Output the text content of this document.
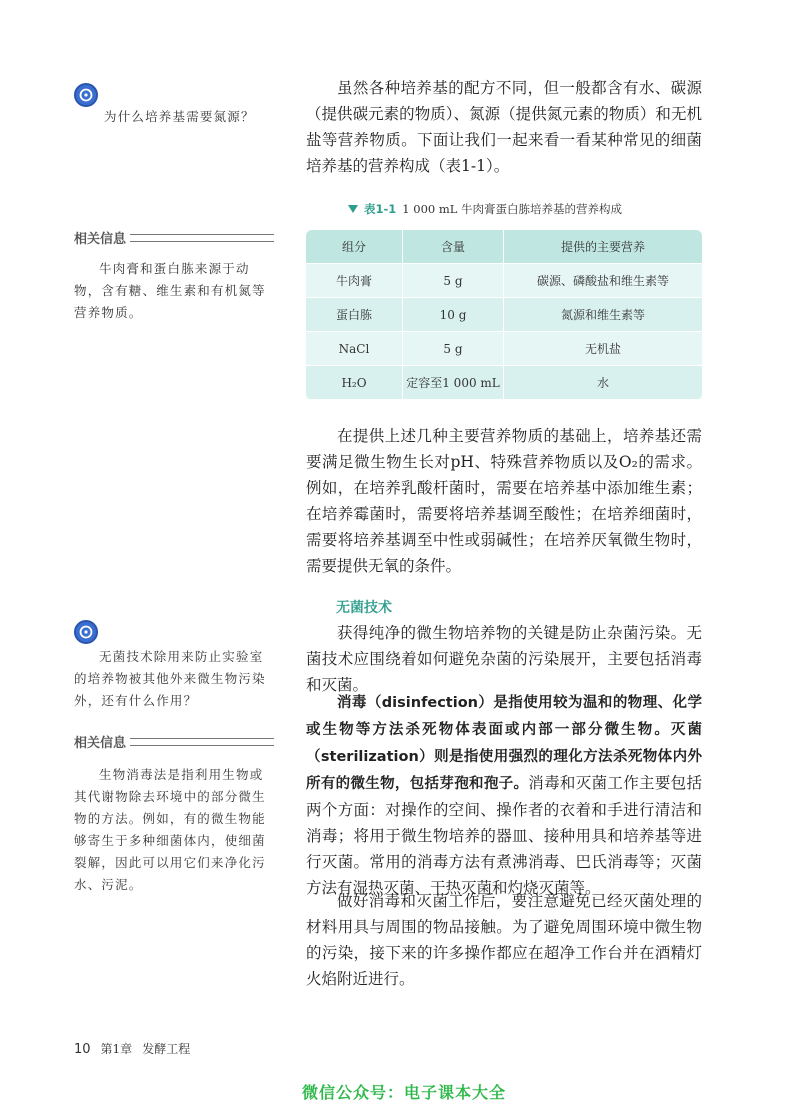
为什么培养基需要氮源？
相关信息
牛肉膏和蛋白胨来源于动物，含有糖、维生素和有机氮等营养物质。
无菌技术除用来防止实验室的培养物被其他外来微生物污染外，还有什么作用？
相关信息
生物消毒法是指利用生物或其代谢物除去环境中的部分微生物的方法。例如，有的微生物能够寄生于多种细菌体内，使细菌裂解，因此可以用它们来净化污水、污泥。
虽然各种培养基的配方不同，但一般都含有水、碳源（提供碳元素的物质）、氮源（提供氮元素的物质）和无机盐等营养物质。下面让我们一起来看一看某种常见的细菌培养基的营养构成（表1-1）。
表1-1 1 000 mL 牛肉膏蛋白胨培养基的营养构成
组分	含量	提供的主要营养
牛肉膏	5 g	碳源、磷酸盐和维生素等
蛋白胨	10 g	氮源和维生素等
NaCl	5 g	无机盐
H₂O	定容至1 000 mL	水
在提供上述几种主要营养物质的基础上，培养基还需要满足微生物生长对pH、特殊营养物质以及O₂的需求。例如，在培养乳酸杆菌时，需要在培养基中添加维生素；在培养霉菌时，需要将培养基调至酸性；在培养细菌时，需要将培养基调至中性或弱碱性；在培养厌氧微生物时，需要提供无氧的条件。
无菌技术
获得纯净的微生物培养物的关键是防止杂菌污染。无菌技术应围绕着如何避免杂菌的污染展开，主要包括消毒和灭菌。
消毒（disinfection）是指使用较为温和的物理、化学或生物等方法杀死物体表面或内部一部分微生物。灭菌（sterilization）则是指使用强烈的理化方法杀死物体内外所有的微生物，包括芽孢和孢子。消毒和灭菌工作主要包括两个方面：对操作的空间、操作者的衣着和手进行清洁和消毒；将用于微生物培养的器皿、接种用具和培养基等进行灭菌。常用的消毒方法有煮沸消毒、巴氏消毒等；灭菌方法有湿热灭菌、干热灭菌和灼烧灭菌等。
做好消毒和灭菌工作后，要注意避免已经灭菌处理的材料用具与周围的物品接触。为了避免周围环境中微生物的污染，接下来的许多操作都应在超净工作台并在酒精灯火焰附近进行。
10 第1章 发酵工程
微信公众号：电子课本大全
